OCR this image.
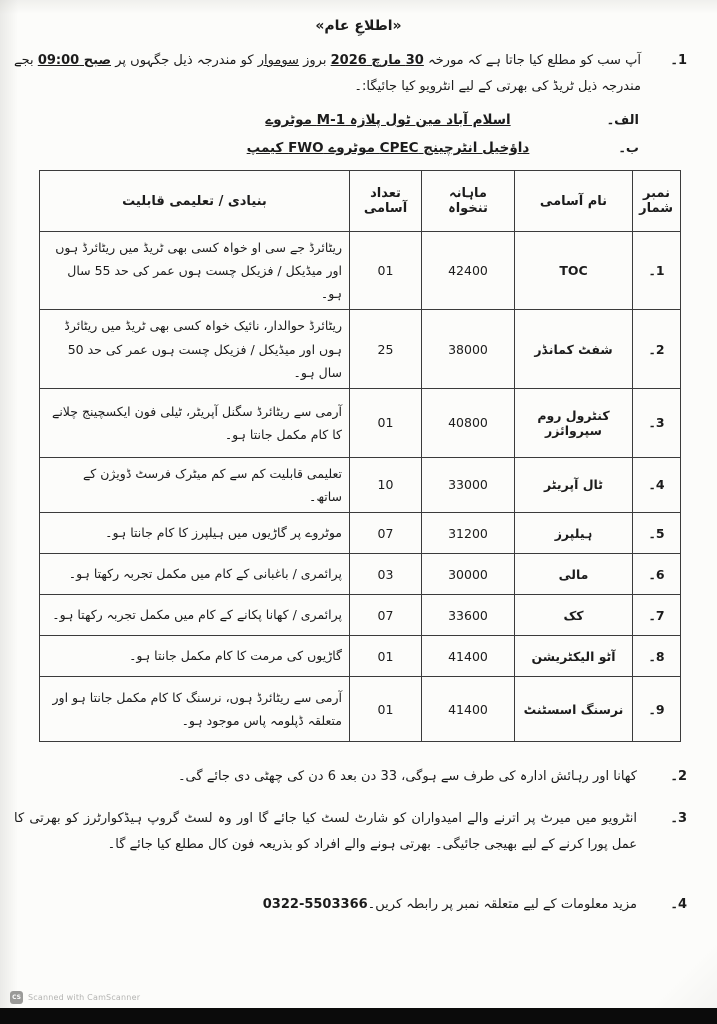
«اطلاعِ عام»
1۔
آپ سب کو مطلع کیا جاتا ہے کہ مورخہ 30 مارچ 2026 بروز سوموار کو مندرجہ ذیل جگہوں پر صبح 09:00 بجے مندرجہ ذیل ٹریڈ کی بھرتی کے لیے انٹرویو کیا جائیگا:۔
الف۔
اسلام آباد مین ٹول پلازہ M-1 موٹروے
ب۔
داؤخیل انٹرچینج CPEC موٹروے FWO کیمپ
نمبر شمار	نام آسامی	ماہانہ تنخواہ	تعداد آسامی	بنیادی / تعلیمی قابلیت
1۔	TOC	42400	01	ریٹائرڈ جے سی او خواہ کسی بھی ٹریڈ میں ریٹائرڈ ہوں اور میڈیکل / فزیکل چست ہوں عمر کی حد 55 سال ہو۔
2۔	شفٹ کمانڈر	38000	25	ریٹائرڈ حوالدار، نائیک خواہ کسی بھی ٹریڈ میں ریٹائرڈ ہوں اور میڈیکل / فزیکل چست ہوں عمر کی حد 50 سال ہو۔
3۔	کنٹرول روم سپروائزر	40800	01	آرمی سے ریٹائرڈ سگنل آپریٹر، ٹیلی فون ایکسچینج چلانے کا کام مکمل جانتا ہو۔
4۔	ٹال آپریٹر	33000	10	تعلیمی قابلیت کم سے کم میٹرک فرسٹ ڈویژن کے ساتھ۔
5۔	ہیلپرز	31200	07	موٹروے پر گاڑیوں میں ہیلپرز کا کام جانتا ہو۔
6۔	مالی	30000	03	پرائمری / باغبانی کے کام میں مکمل تجربہ رکھتا ہو۔
7۔	کک	33600	07	پرائمری / کھانا پکانے کے کام میں مکمل تجربہ رکھتا ہو۔
8۔	آٹو الیکٹریشن	41400	01	گاڑیوں کی مرمت کا کام مکمل جانتا ہو۔
9۔	نرسنگ اسسٹنٹ	41400	01	آرمی سے ریٹائرڈ ہوں، نرسنگ کا کام مکمل جانتا ہو اور متعلقہ ڈپلومہ پاس موجود ہو۔
2۔
کھانا اور رہائش ادارہ کی طرف سے ہوگی، 33 دن بعد 6 دن کی چھٹی دی جائے گی۔
3۔
انٹرویو میں میرٹ پر اترنے والے امیدواران کو شارٹ لسٹ کیا جائے گا اور وہ لسٹ گروپ ہیڈکوارٹرز کو بھرتی کا عمل پورا کرنے کے لیے بھیجی جائیگی۔ بھرتی ہونے والے افراد کو بذریعہ فون کال مطلع کیا جائے گا۔
4۔
مزید معلومات کے لیے متعلقہ نمبر پر رابطہ کریں۔0322-5503366
CS Scanned with CamScanner
